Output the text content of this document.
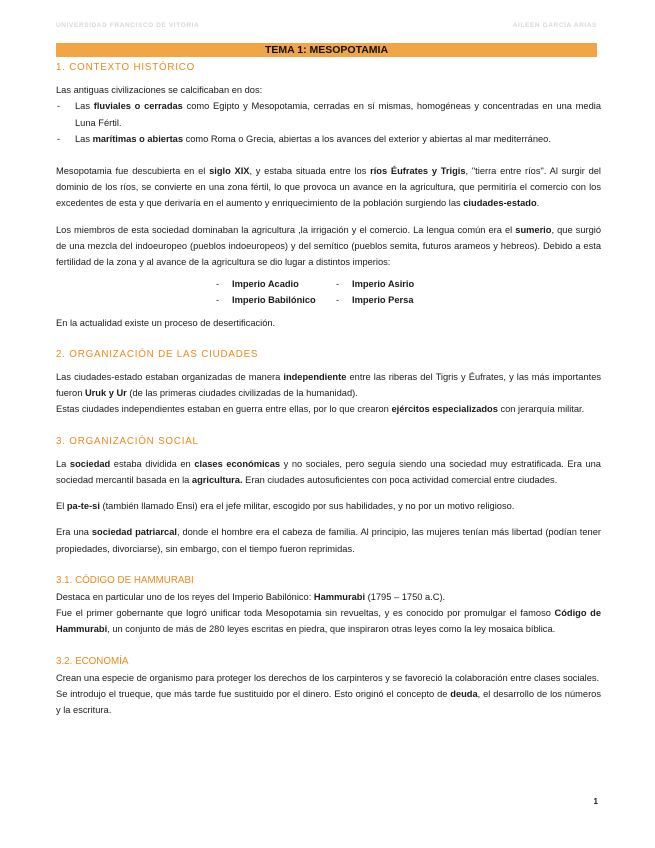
UNIVERSIDAD FRANCISCO DE VITORIA	AILEEN GARCÍA ARIAS
TEMA 1: MESOPOTAMIA
1. CONTEXTO HISTÓRICO

Las antiguas civilizaciones se calcificaban en dos:

- Las fluviales o cerradas como Egipto y Mesopotamia, cerradas en sí mismas, homogéneas y concentradas en una media Luna Fértil.
- Las marítimas o abiertas como Roma o Grecia, abiertas a los avances del exterior y abiertas al mar mediterráneo.

Mesopotamia fue descubierta en el siglo XIX, y estaba situada entre los ríos Éufrates y Trigis, "tierra entre ríos". Al surgir del dominio de los ríos, se convierte en una zona fértil, lo que provoca un avance en la agricultura, que permitiría el comercio con los excedentes de esta y que derivaría en el aumento y enriquecimiento de la población surgiendo las ciudades-estado.

Los miembros de esta sociedad dominaban la agricultura ,la irrigación y el comercio. La lengua común era el sumerio, que surgió de una mezcla del indoeuropeo (pueblos indoeuropeos) y del semítico (pueblos semita, futuros arameos y hebreos). Debido a esta fertilidad de la zona y al avance de la agricultura se dio lugar a distintos imperios:

- Imperio Acadio	- Imperio Asirio
- Imperio Babilónico	- Imperio Persa

En la actualidad existe un proceso de desertificación.

2. ORGANIZACIÓN DE LAS CIUDADES

Las ciudades-estado estaban organizadas de manera independiente entre las riberas del Tigris y Éufrates, y las más importantes fueron Uruk y Ur (de las primeras ciudades civilizadas de la humanidad).

Estas ciudades independientes estaban en guerra entre ellas, por lo que crearon ejércitos especializados con jerarquía militar.

3. ORGANIZACIÓN SOCIAL

La sociedad estaba dividida en clases económicas y no sociales, pero seguía siendo una sociedad muy estratificada. Era una sociedad mercantil basada en la agricultura. Eran ciudades autosuficientes con poca actividad comercial entre ciudades.

El pa-te-si (también llamado Ensi) era el jefe militar, escogido por sus habilidades, y no por un motivo religioso.

Era una sociedad patriarcal, donde el hombre era el cabeza de familia. Al principio, las mujeres tenían más libertad (podían tener propiedades, divorciarse), sin embargo, con el tiempo fueron reprimidas.

3.1. CÓDIGO DE HAMMURABI

Destaca en particular uno de los reyes del Imperio Babilónico: Hammurabi (1795 – 1750 a.C).

Fue el primer gobernante que logró unificar toda Mesopotamia sin revueltas, y es conocido por promulgar el famoso Código de Hammurabi, un conjunto de más de 280 leyes escritas en piedra, que inspiraron otras leyes como la ley mosaica bíblica.

3.2. ECONOMÍA

Crean una especie de organismo para proteger los derechos de los carpinteros y se favoreció la colaboración entre clases sociales.

Se introdujo el trueque, que más tarde fue sustituido por el dinero. Esto originó el concepto de deuda, el desarrollo de los números y la escritura.

1
